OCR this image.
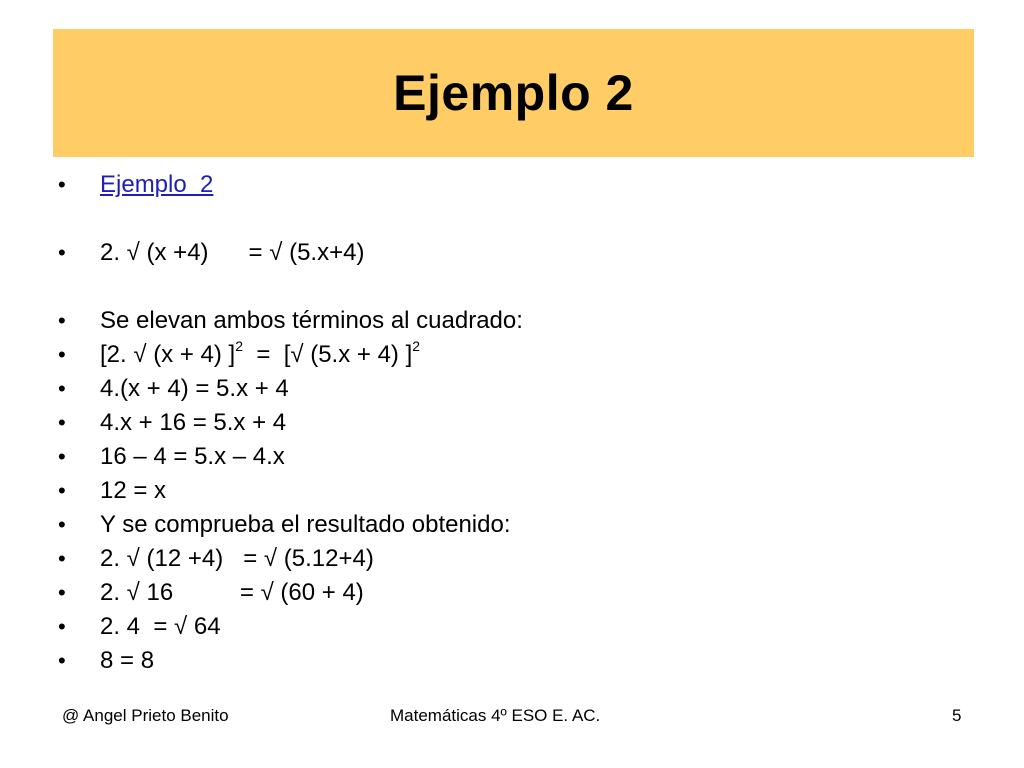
Ejemplo 2
•	Ejemplo  2
•	2. √ (x +4)      = √ (5.x+4)
•	Se elevan ambos términos al cuadrado:
•	[2. √ (x + 4) ]$^2$  =  [√ (5.x + 4) ]$^2$
•	4.(x + 4) = 5.x + 4
•	4.x + 16 = 5.x + 4
•	16 – 4 = 5.x – 4.x
•	12 = x
•	Y se comprueba el resultado obtenido:
•	2. √ (12 +4)   = √ (5.12+4)
•	2. √ 16          = √ (60 + 4)
•	2. 4  = √ 64
•	8 = 8
@ Angel Prieto Benito	Matemáticas 4º ESO E. AC.	5
